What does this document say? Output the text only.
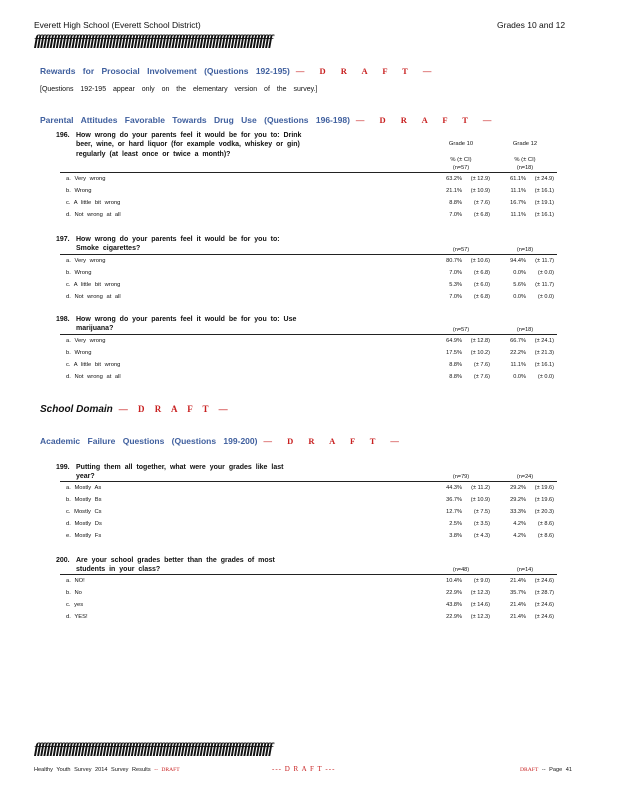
Everett High School (Everett School District)	Grades 10 and 12
ffffffffffffffffffffffffffffffffffffffffffffffffffffffffffffffffffffffffffff
Rewards for Prosocial Involvement (Questions 192-195) — D R A F T —
[Questions 192-195 appear only on the elementary version of the survey.]
Parental Attitudes Favorable Towards Drug Use (Questions 196-198) — D R A F T —
Grade 10	Grade 12
% (± CI)	% (± CI)
196. How wrong do your parents feel it would be for you to: Drink beer, wine, or hard liquor (for example vodka, whiskey or gin) regularly (at least once or twice a month)?
(n=57)	(n=18)
a. Very wrong	63.2%	(± 12.9)	61.1%	(± 24.9)
b. Wrong	21.1%	(± 10.9)	11.1%	(± 16.1)
c. A little bit wrong	8.8%	(± 7.6)	16.7%	(± 19.1)
d. Not wrong at all	7.0%	(± 6.8)	11.1%	(± 16.1)
197. How wrong do your parents feel it would be for you to: Smoke cigarettes?	(n=57)	(n=18)
a. Very wrong	80.7%	(± 10.6)	94.4%	(± 11.7)
b. Wrong	7.0%	(± 6.8)	0.0%	(± 0.0)
c. A little bit wrong	5.3%	(± 6.0)	5.6%	(± 11.7)
d. Not wrong at all	7.0%	(± 6.8)	0.0%	(± 0.0)
198. How wrong do your parents feel it would be for you to: Use marijuana?	(n=57)	(n=18)
a. Very wrong	64.9%	(± 12.8)	66.7%	(± 24.1)
b. Wrong	17.5%	(± 10.2)	22.2%	(± 21.3)
c. A little bit wrong	8.8%	(± 7.6)	11.1%	(± 16.1)
d. Not wrong at all	8.8%	(± 7.6)	0.0%	(± 0.0)
School Domain — D R A F T —
Academic Failure Questions (Questions 199-200) — D R A F T —
199. Putting them all together, what were your grades like last year?	(n=79)	(n=24)
a. Mostly As	44.3%	(± 11.2)	29.2%	(± 19.6)
b. Mostly Bs	36.7%	(± 10.9)	29.2%	(± 19.6)
c. Mostly Cs	12.7%	(± 7.5)	33.3%	(± 20.3)
d. Mostly Ds	2.5%	(± 3.5)	4.2%	(± 8.6)
e. Mostly Fs	3.8%	(± 4.3)	4.2%	(± 8.6)
200. Are your school grades better than the grades of most students in your class?	(n=48)	(n=14)
a. NO!	10.4%	(± 9.0)	21.4%	(± 24.6)
b. No	22.9%	(± 12.3)	35.7%	(± 28.7)
c. yes	43.8%	(± 14.6)	21.4%	(± 24.6)
d. YES!	22.9%	(± 12.3)	21.4%	(± 24.6)
ffffffffffffffffffffffffffffffffffffffffffffffffffffffffffffffffffffffffffff
Healthy Youth Survey 2014 Survey Results -- DRAFT	--- D R A F T ---	DRAFT -- Page 41
